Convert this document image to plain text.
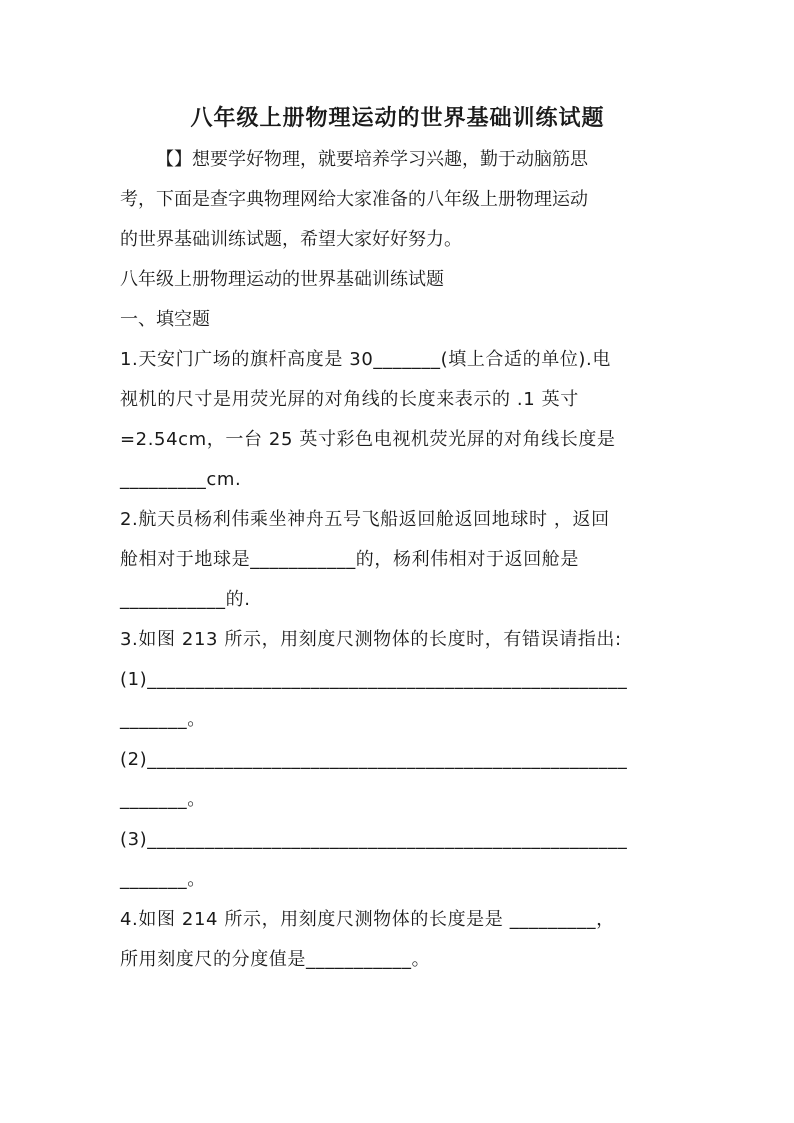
八年级上册物理运动的世界基础训练试题

【】想要学好物理，就要培养学习兴趣，勤于动脑筋思

考，下面是查字典物理网给大家准备的八年级上册物理运动

的世界基础训练试题，希望大家好好努力。

八年级上册物理运动的世界基础训练试题

一、填空题

1.天安门广场的旗杆高度是 30_______(填上合适的单位).电

视机的尺寸是用荧光屏的对角线的长度来表示的 .1 英寸

=2.54cm，一台 25 英寸彩色电视机荧光屏的对角线长度是

_________cm.

2.航天员杨利伟乘坐神舟五号飞船返回舱返回地球时 ，返回

舱相对于地球是___________的，杨利伟相对于返回舱是

___________的.

3.如图 213 所示，用刻度尺测物体的长度时，有错误请指出:

(1)__________________________________________________

_______。

(2)__________________________________________________

_______。

(3)__________________________________________________

_______。

4.如图 214 所示，用刻度尺测物体的长度是是 _________，

所用刻度尺的分度值是___________。
